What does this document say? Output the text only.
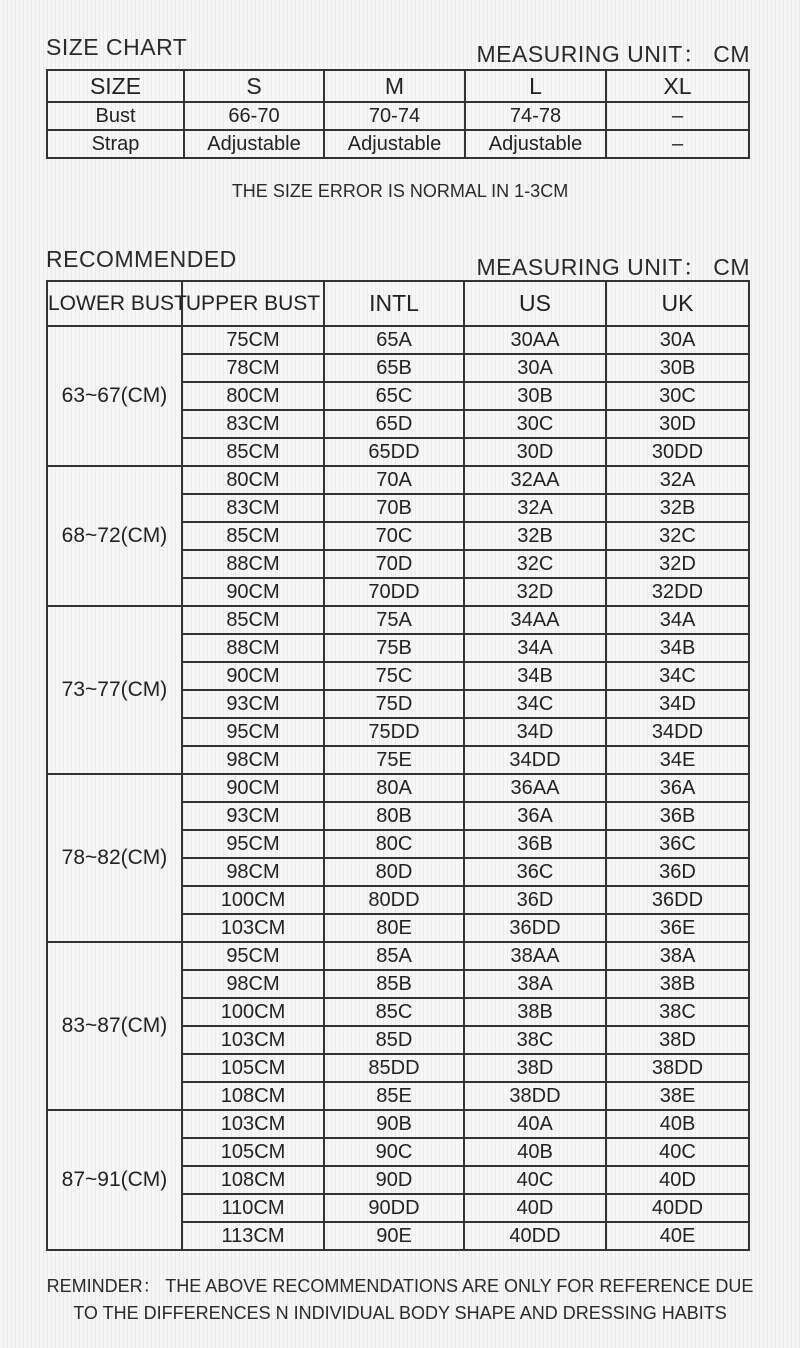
SIZE CHART	MEASURING UNIT： CM
SIZE	S	M	L	XL
Bust	66-70	70-74	74-78	–
Strap	Adjustable	Adjustable	Adjustable	–
THE SIZE ERROR IS NORMAL IN 1-3CM
RECOMMENDED	MEASURING UNIT： CM
LOWER BUST	UPPER BUST	INTL	US	UK
63~67(CM)	75CM	65A	30AA	30A
	78CM	65B	30A	30B
	80CM	65C	30B	30C
	83CM	65D	30C	30D
	85CM	65DD	30D	30DD
68~72(CM)	80CM	70A	32AA	32A
	83CM	70B	32A	32B
	85CM	70C	32B	32C
	88CM	70D	32C	32D
	90CM	70DD	32D	32DD
73~77(CM)	85CM	75A	34AA	34A
	88CM	75B	34A	34B
	90CM	75C	34B	34C
	93CM	75D	34C	34D
	95CM	75DD	34D	34DD
	98CM	75E	34DD	34E
78~82(CM)	90CM	80A	36AA	36A
	93CM	80B	36A	36B
	95CM	80C	36B	36C
	98CM	80D	36C	36D
	100CM	80DD	36D	36DD
	103CM	80E	36DD	36E
83~87(CM)	95CM	85A	38AA	38A
	98CM	85B	38A	38B
	100CM	85C	38B	38C
	103CM	85D	38C	38D
	105CM	85DD	38D	38DD
	108CM	85E	38DD	38E
87~91(CM)	103CM	90B	40A	40B
	105CM	90C	40B	40C
	108CM	90D	40C	40D
	110CM	90DD	40D	40DD
	113CM	90E	40DD	40E
REMINDER： THE ABOVE RECOMMENDATIONS ARE ONLY FOR REFERENCE DUE
TO THE DIFFERENCES N INDIVIDUAL BODY SHAPE AND DRESSING HABITS
